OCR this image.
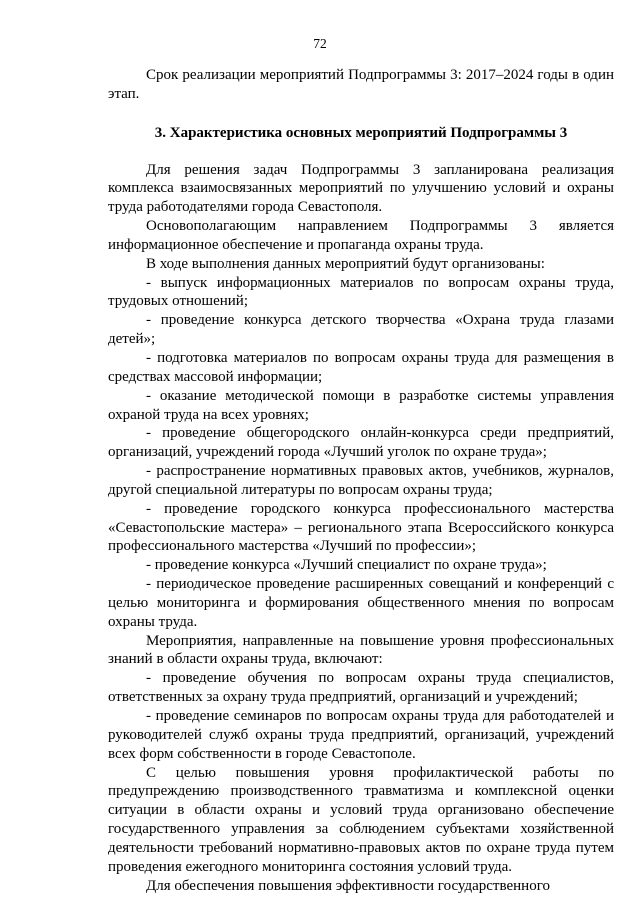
72

Срок реализации мероприятий Подпрограммы 3: 2017–2024 годы в один этап.

3. Характеристика основных мероприятий Подпрограммы 3

Для решения задач Подпрограммы 3 запланирована реализация комплекса взаимосвязанных мероприятий по улучшению условий и охраны труда работодателями города Севастополя.

Основополагающим направлением Подпрограммы 3 является информационное обеспечение и пропаганда охраны труда.

В ходе выполнения данных мероприятий будут организованы:

- выпуск информационных материалов по вопросам охраны труда, трудовых отношений;

- проведение конкурса детского творчества «Охрана труда глазами детей»;

- подготовка материалов по вопросам охраны труда для размещения в средствах массовой информации;

- оказание методической помощи в разработке системы управления охраной труда на всех уровнях;

- проведение общегородского онлайн-конкурса среди предприятий, организаций, учреждений города «Лучший уголок по охране труда»;

- распространение нормативных правовых актов, учебников, журналов, другой специальной литературы по вопросам охраны труда;

- проведение городского конкурса профессионального мастерства «Севастопольские мастера» – регионального этапа Всероссийского конкурса профессионального мастерства «Лучший по профессии»;

- проведение конкурса «Лучший специалист по охране труда»;

- периодическое проведение расширенных совещаний и конференций с целью мониторинга и формирования общественного мнения по вопросам охраны труда.

Мероприятия, направленные на повышение уровня профессиональных знаний в области охраны труда, включают:

- проведение обучения по вопросам охраны труда специалистов, ответственных за охрану труда предприятий, организаций и учреждений;

- проведение семинаров по вопросам охраны труда для работодателей и руководителей служб охраны труда предприятий, организаций, учреждений всех форм собственности в городе Севастополе.

С целью повышения уровня профилактической работы по предупреждению производственного травматизма и комплексной оценки ситуации в области охраны и условий труда организовано обеспечение государственного управления за соблюдением субъектами хозяйственной деятельности требований нормативно-правовых актов по охране труда путем проведения ежегодного мониторинга состояния условий труда.

Для обеспечения повышения эффективности государственного
